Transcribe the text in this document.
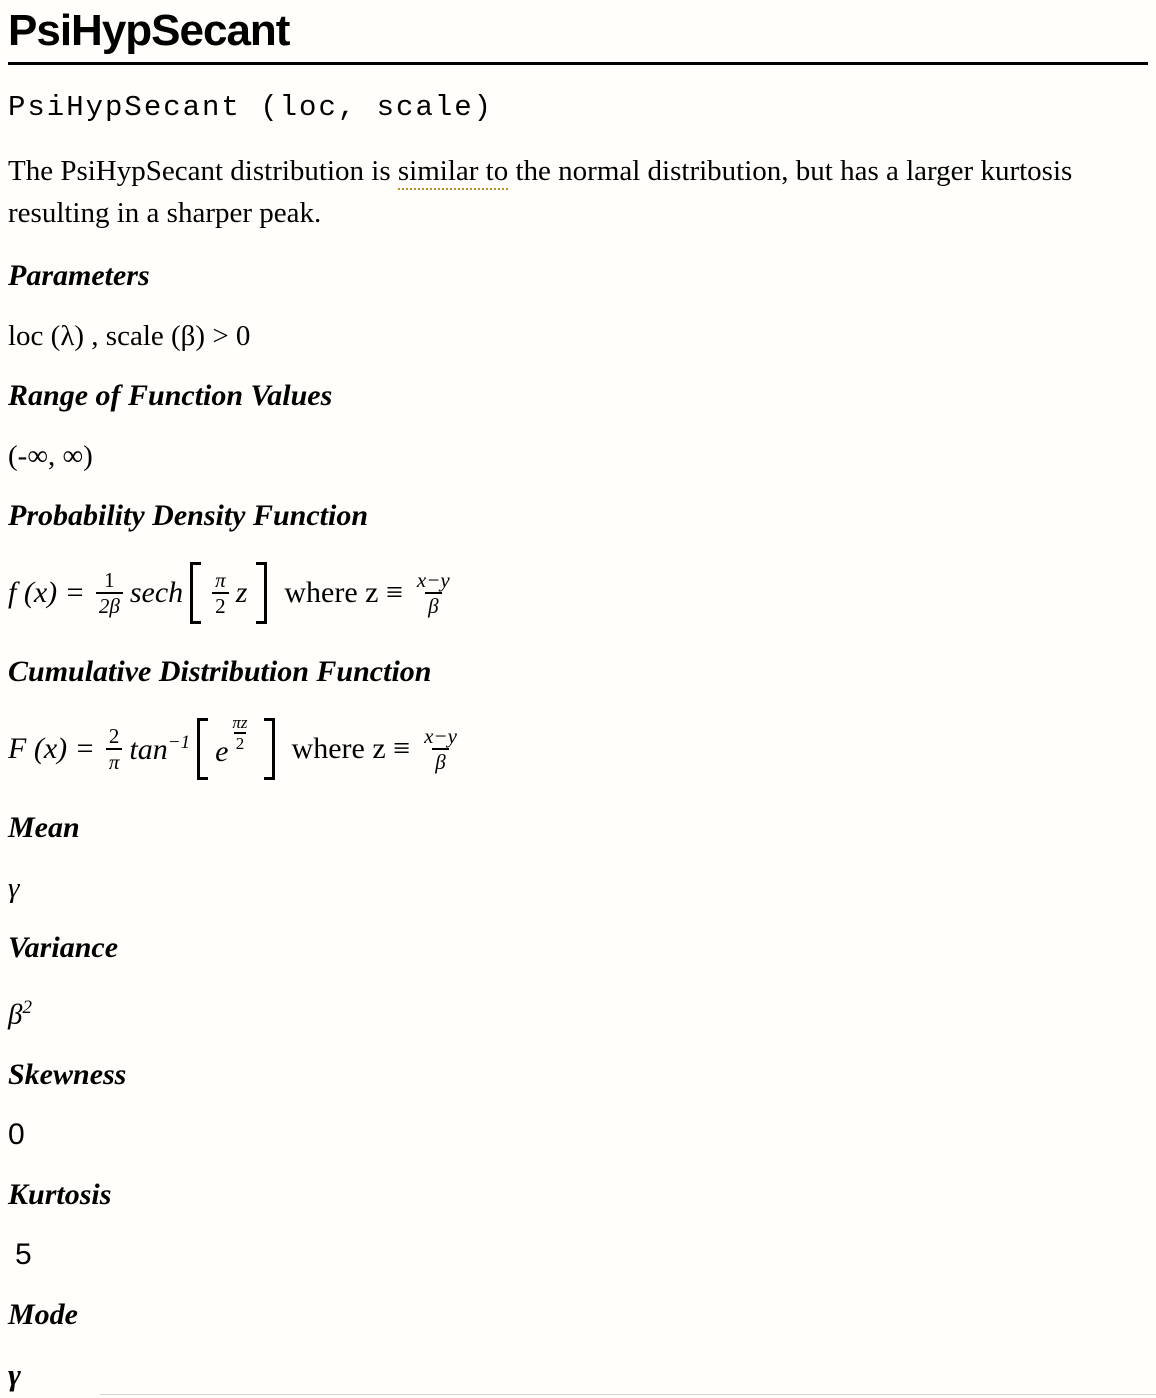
PsiHypSecant
PsiHypSecant (loc, scale)

The PsiHypSecant distribution is similar to the normal distribution, but has a larger kurtosis resulting in a sharper peak.

Parameters

loc (λ) , scale (β) > 0

Range of Function Values

(-∞, ∞)

Probability Density Function
f $(x) = \frac{1}{2\beta}$ sech $\frac{\pi}{2}$ z where $z \equiv \frac{x-y}{\beta}$
Cumulative Distribution Function
F $(x) = \frac{2}{\pi} \tan^{-1} e \frac{\pi z}{2}$ where $z \equiv \frac{x-y}{\beta}$
Mean

γ

Variance

$\beta^2$

Skewness

0

Kurtosis

5

Mode

γ
